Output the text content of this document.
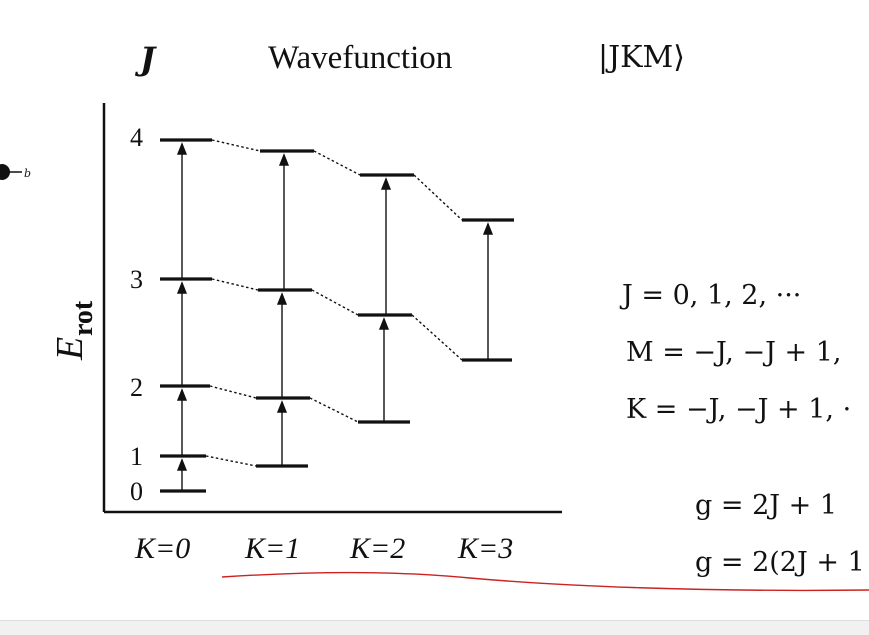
J	Wavefunction	|JKM⟩
b
E
rot
0
1
2
3
4
K=0 K=1 K=2 K=3
J = 0, 1, 2, ···
M = −J, −J + 1,
K = −J, −J + 1, ·
g = 2J + 1
g = 2(2J + 1
